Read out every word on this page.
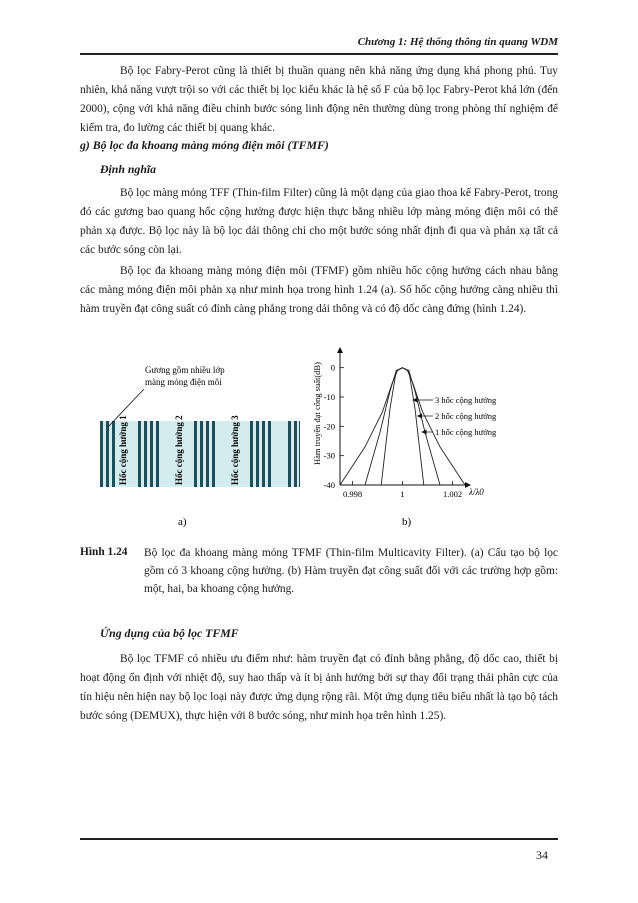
Chương 1: Hệ thống thông tin quang WDM

Bộ lọc Fabry-Perot cũng là thiết bị thuần quang nên khả năng ứng dụng khá phong phú. Tuy nhiên, khả năng vượt trội so với các thiết bị lọc kiểu khác là hệ số F của bộ lọc Fabry-Perot khá lớn (đến 2000), cộng với khả năng điều chỉnh bước sóng linh động nên thường dùng trong phòng thí nghiệm để kiểm tra, đo lường các thiết bị quang khác.

g) Bộ lọc đa khoang màng mỏng điện môi (TFMF)

Định nghĩa

Bộ lọc màng mỏng TFF (Thin-film Filter) cũng là một dạng của giao thoa kế Fabry-Perot, trong đó các gương bao quang hốc cộng hưởng được hiện thực bằng nhiều lớp màng mỏng điện môi có thể phản xạ được. Bộ lọc này là bộ lọc dải thông chỉ cho một bước sóng nhất định đi qua và phản xạ tất cả các bước sóng còn lại.

Bộ lọc đa khoang màng mỏng điện môi (TFMF) gồm nhiều hốc cộng hưởng cách nhau bằng các màng mỏng điện môi phản xạ như minh họa trong hình 1.24 (a). Số hốc cộng hưởng càng nhiều thì hàm truyền đạt công suất có đỉnh càng phẳng trong dải thông và có độ dốc càng đứng (hình 1.24).

Hốc cộng hưởng 1	Hốc cộng hưởng 2	Hốc cộng hưởng 3
Gương gồm nhiều lớp
màng mỏng điện môi
a)
Hàm truyền đạt công suất(dB)
b)
0
-10
-20
-30
-40
0.998	1	1.002 λ/λ0
3 hốc cộng hưởng
2 hốc cộng hưởng
1 hốc cộng hưởng
Hình 1.24 Bộ lọc đa khoang màng mỏng TFMF (Thin-film Multicavity Filter). (a) Cấu tạo bộ lọc gồm có 3 khoang cộng hưởng. (b) Hàm truyền đạt công suất đối với các trường hợp gồm: một, hai, ba khoang cộng hưởng.

Ứng dụng của bộ lọc TFMF

Bộ lọc TFMF có nhiều ưu điểm như: hàm truyền đạt có đỉnh bằng phẳng, độ dốc cao, thiết bị hoạt động ổn định với nhiệt độ, suy hao thấp và ít bị ảnh hưởng bởi sự thay đổi trạng thái phân cực của tín hiệu nên hiện nay bộ lọc loại này được ứng dụng rộng rãi. Một ứng dụng tiêu biểu nhất là tạo bộ tách bước sóng (DEMUX), thực hiện với 8 bước sóng, như minh họa trên hình 1.25).

34
